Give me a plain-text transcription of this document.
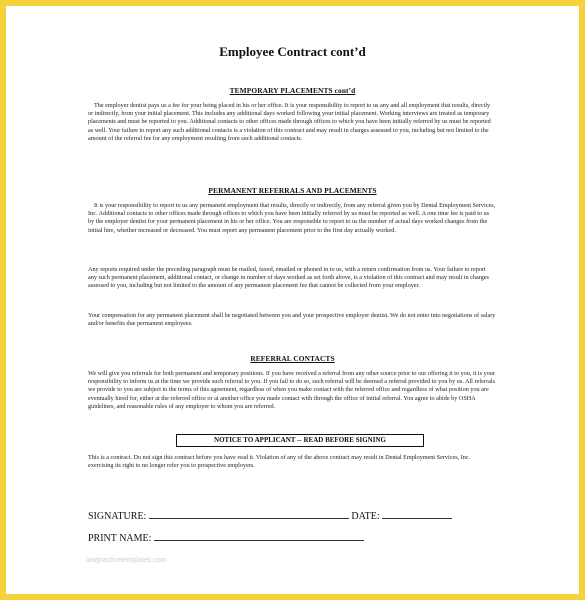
Employee Contract cont’d
TEMPORARY PLACEMENTS cont’d
The employer dentist pays us a fee for your being placed in his or her office. It is your responsibility to report to us any and all employment that results, directly or indirectly, from your initial placement. This includes any additional days worked following your initial placement. Working interviews are treated as temporary placements and must be reported to you. Additional contacts to other offices made through offices to which you have been initially referred by us must be reported as well. Your failure to report any such additional contacts is a violation of this contract and may result in charges assessed to you, including but not limited to the amount of the referral fee for any employment resulting from such additional contacts.
PERMANENT REFERRALS AND PLACEMENTS
It is your responsibility to report to us any permanent employment that results, directly or indirectly, from any referral given you by Dental Employment Services, Inc. Additional contacts to other offices made through offices to which you have been initially referred by us must be reported as well. A one time fee is paid to us by the employer dentist for your permanent placement in his or her office. You are responsible to report to us the number of actual days worked changes from the initial hire, whether increased or decreased. You must report any permanent placement prior to the first day actually worked.
Any reports required under the preceding paragraph must be mailed, faxed, emailed or phoned in to us, with a return confirmation from us. Your failure to report any such permanent placement, additional contact, or change in number of days worked as set forth above, is a violation of this contract and may result in charges assessed to you, including but not limited to the amount of any permanent placement fee that cannot be collected from your employer.
Your compensation for any permanent placement shall be negotiated between you and your prospective employer dentist. We do not enter into negotiations of salary and/or benefits due permanent employees.
REFERRAL CONTACTS
We will give you referrals for both permanent and temporary positions. If you have received a referral from any other source prior to our offering it to you, it is your responsibility to inform us at the time we provide such referral to you. If you fail to do so, such referral will be deemed a referral provided to you by us. All referrals we provide to you are subject to the terms of this agreement, regardless of when you make contact with the referred office and regardless of what position you are eventually hired for, either at the referred office or at another office you made contact with through the office of initial referral. You agree to abide by OSHA guidelines, and reasonable rules of any employer to whom you are referred.
NOTICE TO APPLICANT -- READ BEFORE SIGNING
This is a contract. Do not sign this contract before you have read it. Violation of any of the above contract may result in Dental Employment Services, Inc. exercising its right to no longer refer you to prospective employers.
SIGNATURE:	DATE:
PRINT NAME:
lawpracticetemplates.com
